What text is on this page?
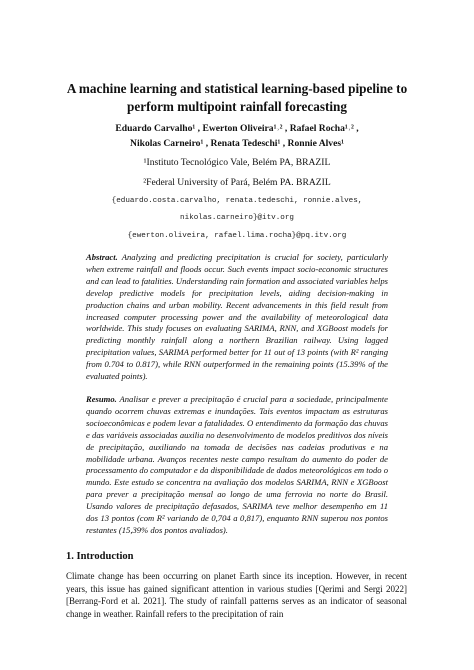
A machine learning and statistical learning-based pipeline to
perform multipoint rainfall forecasting
Eduardo Carvalho¹ , Ewerton Oliveira¹˒² , Rafael Rocha¹˒² ,
Nikolas Carneiro¹ , Renata Tedeschi¹ , Ronnie Alves¹
¹Instituto Tecnológico Vale, Belém PA, BRAZIL
²Federal University of Pará, Belém PA. BRAZIL
{eduardo.costa.carvalho, renata.tedeschi, ronnie.alves,
nikolas.carneiro}@itv.org
{ewerton.oliveira, rafael.lima.rocha}@pq.itv.org

Abstract. Analyzing and predicting precipitation is crucial for society, particularly when extreme rainfall and floods occur. Such events impact socio-economic structures and can lead to fatalities. Understanding rain formation and associated variables helps develop predictive models for precipitation levels, aiding decision-making in production chains and urban mobility. Recent advancements in this field result from increased computer processing power and the availability of meteorological data worldwide. This study focuses on evaluating SARIMA, RNN, and XGBoost models for predicting monthly rainfall along a northern Brazilian railway. Using lagged precipitation values, SARIMA performed better for 11 out of 13 points (with R² ranging from 0.704 to 0.817), while RNN outperformed in the remaining points (15.39% of the evaluated points).

Resumo. Analisar e prever a precipitação é crucial para a sociedade, principalmente quando ocorrem chuvas extremas e inundações. Tais eventos impactam as estruturas socioeconômicas e podem levar a fatalidades. O entendimento da formação das chuvas e das variáveis associadas auxilia no desenvolvimento de modelos preditivos dos níveis de precipitação, auxiliando na tomada de decisões nas cadeias produtivas e na mobilidade urbana. Avanços recentes neste campo resultam do aumento do poder de processamento do computador e da disponibilidade de dados meteorológicos em todo o mundo. Este estudo se concentra na avaliação dos modelos SARIMA, RNN e XGBoost para prever a precipitação mensal ao longo de uma ferrovia no norte do Brasil. Usando valores de precipitação defasados, SARIMA teve melhor desempenho em 11 dos 13 pontos (com R² variando de 0,704 a 0,817), enquanto RNN superou nos pontos restantes (15,39% dos pontos avaliados).

1. Introduction

Climate change has been occurring on planet Earth since its inception. However, in recent years, this issue has gained significant attention in various studies [Qerimi and Sergi 2022] [Berrang-Ford et al. 2021]. The study of rainfall patterns serves as an indicator of seasonal change in weather. Rainfall refers to the precipitation of rain
